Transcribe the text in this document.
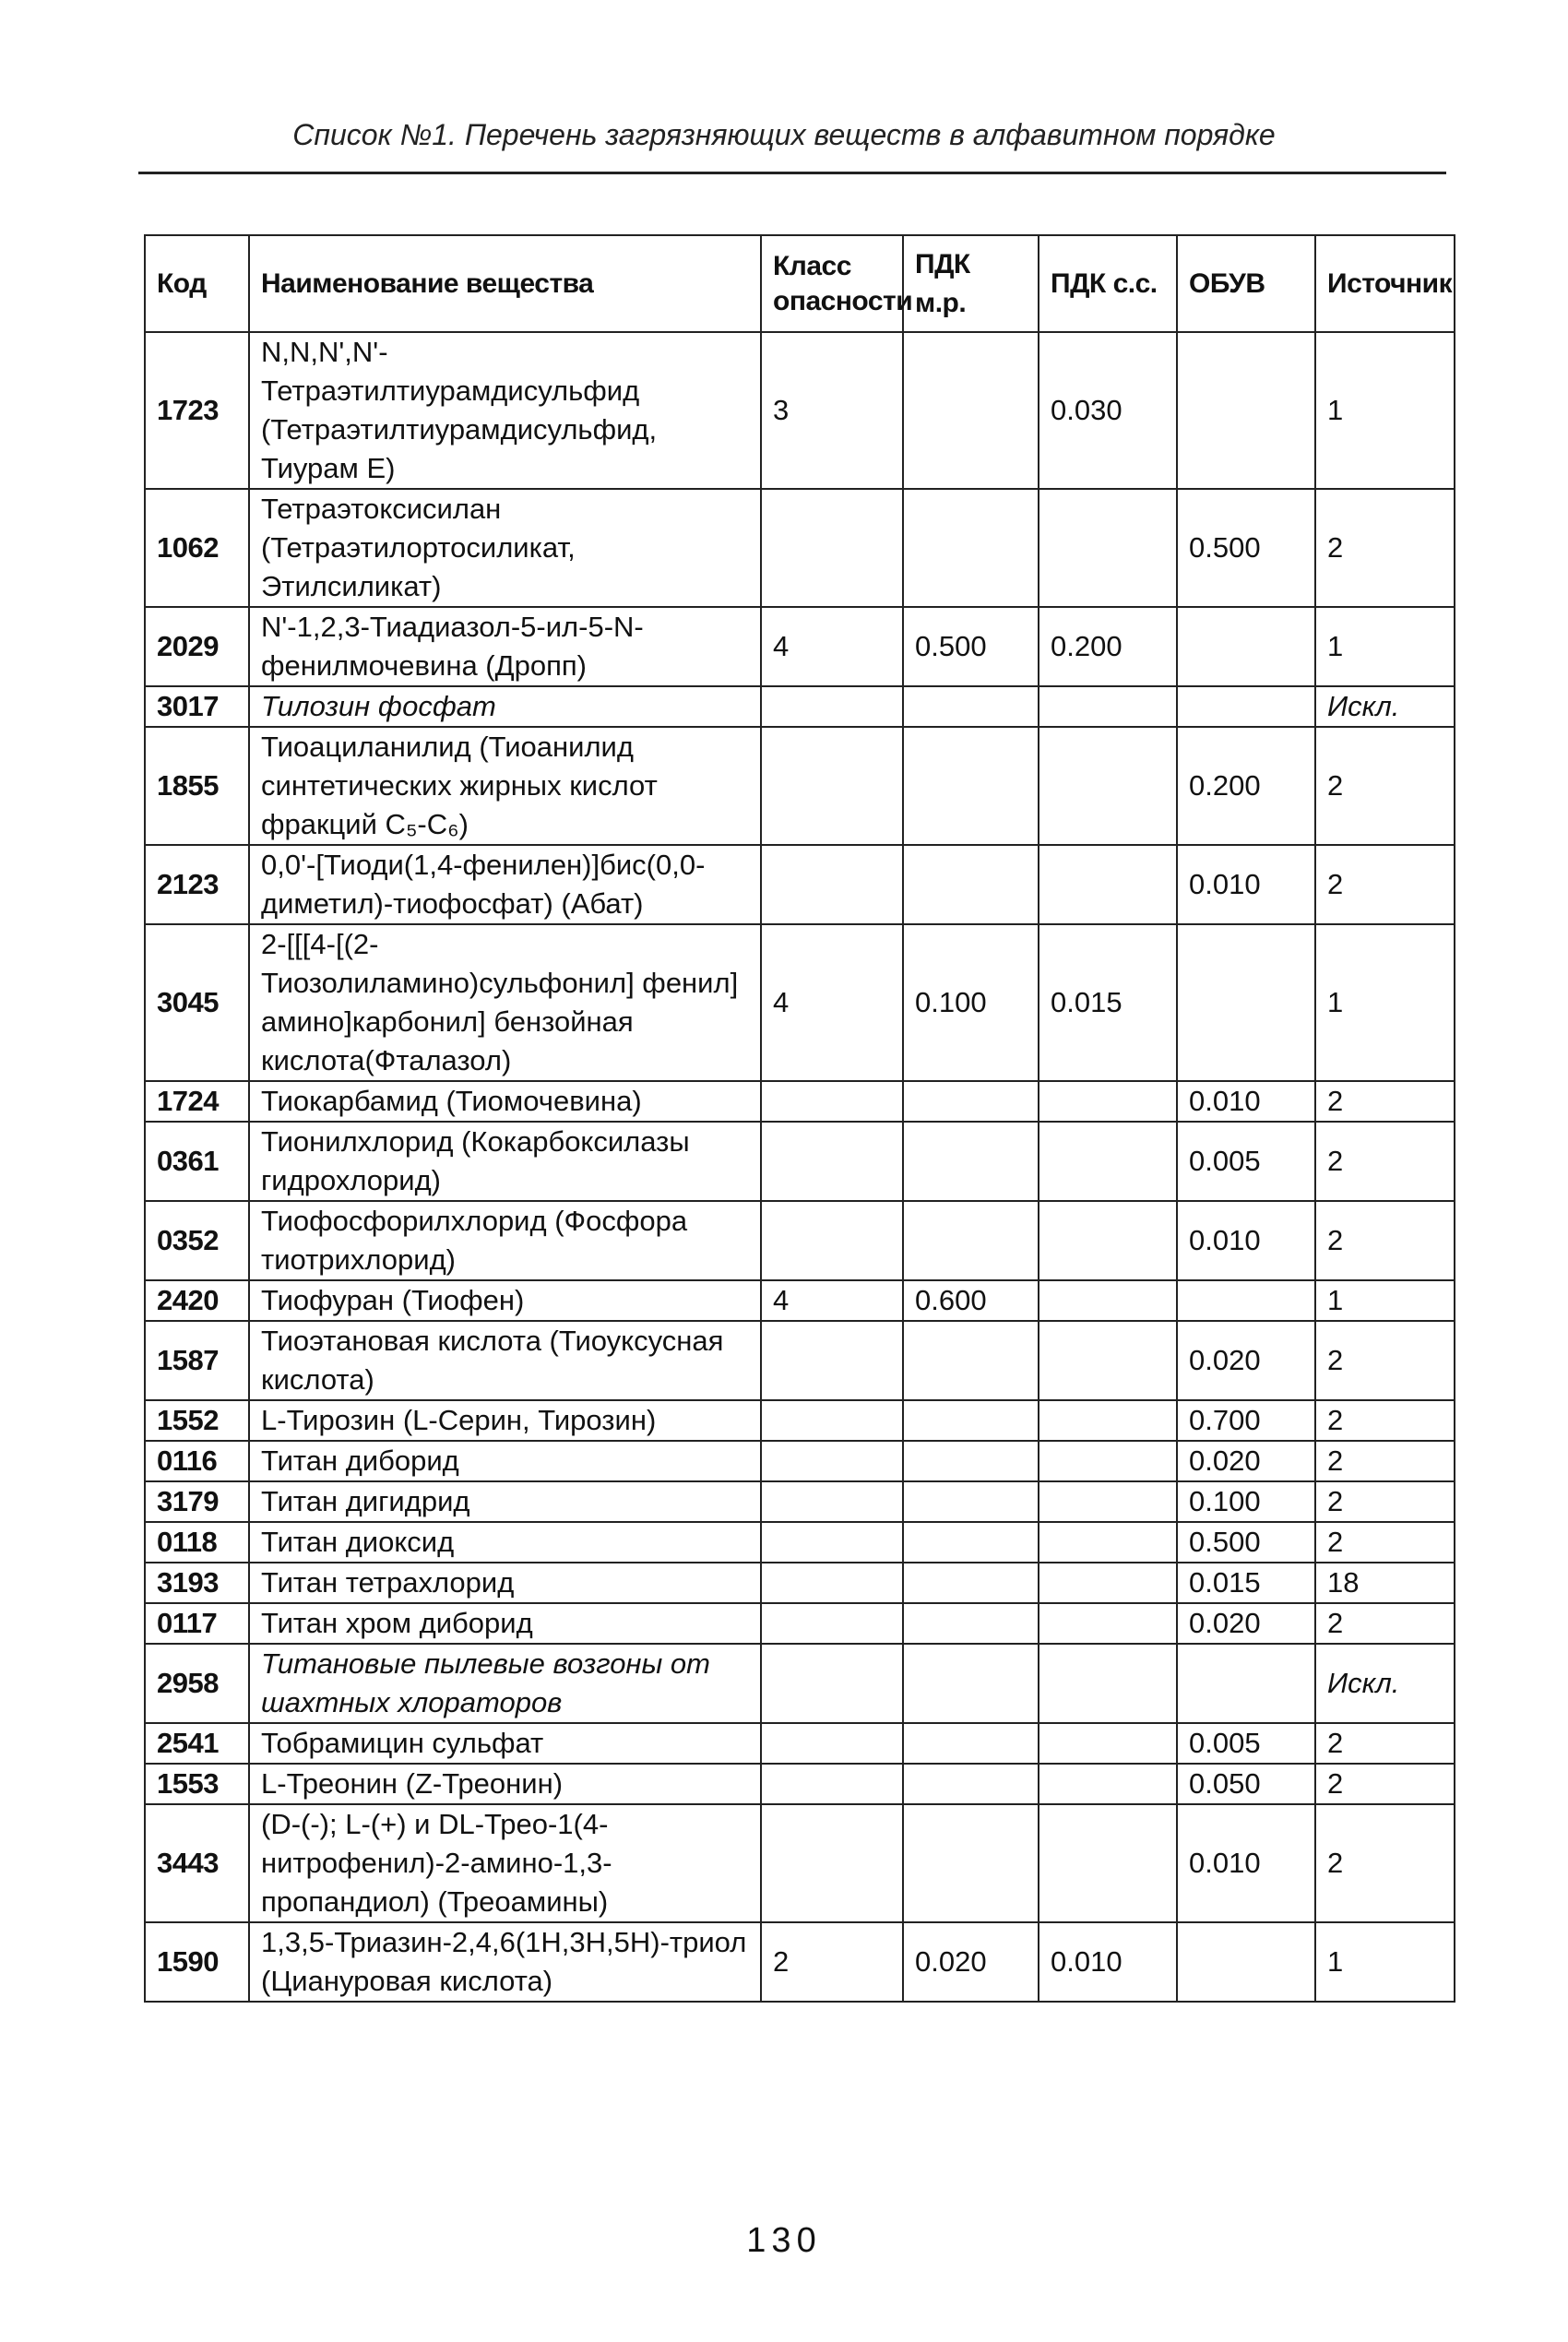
Список №1. Перечень загрязняющих веществ в алфавитном порядке
Код	Наименование вещества	Класс опасности	ПДК м.р.	ПДК с.с.	ОБУВ	Источник
1723	N,N,N',N'-Тетраэтилтиурамдисульфид (Тетраэтилтиурамдисульфид, Тиурам Е)	3		0.030		1
1062	Тетраэтоксисилан (Тетраэтилортосиликат, Этилсиликат)				0.500	2
2029	N'-1,2,3-Тиадиазол-5-ил-5-N-фенилмочевина (Дропп)	4	0.500	0.200		1
3017	Тилозин фосфат					Искл.
1855	Тиоациланилид (Тиоанилид синтетических жирных кислот фракций C₅-C₆)				0.200	2
2123	0,0'-[Тиоди(1,4-фенилен)]бис(0,0-диметил)-тиофосфат) (Абат)				0.010	2
3045	2-[[[4-[(2-Тиозолиламино)сульфонил] фенил] амино]карбонил] бензойная кислота(Фталазол)	4	0.100	0.015		1
1724	Тиокарбамид (Тиомочевина)				0.010	2
0361	Тионилхлорид (Кокарбоксилазы гидрохлорид)				0.005	2
0352	Тиофосфорилхлорид (Фосфора тиотрихлорид)				0.010	2
2420	Тиофуран (Тиофен)	4	0.600			1
1587	Тиоэтановая кислота (Тиоуксусная кислота)				0.020	2
1552	L-Тирозин (L-Серин, Тирозин)				0.700	2
0116	Титан диборид				0.020	2
3179	Титан дигидрид				0.100	2
0118	Титан диоксид				0.500	2
3193	Титан тетрахлорид				0.015	18
0117	Титан хром диборид				0.020	2
2958	Титановые пылевые возгоны от шахтных хлораторов					Искл.
2541	Тобрамицин сульфат				0.005	2
1553	L-Треонин (Z-Треонин)				0.050	2
3443	(D-(-); L-(+) и DL-Трео-1(4-нитрофенил)-2-амино-1,3-пропандиол) (Треоамины)				0.010	2
1590	1,3,5-Триазин-2,4,6(1H,3H,5H)-триол (Циануровая кислота)	2	0.020	0.010		1
130
